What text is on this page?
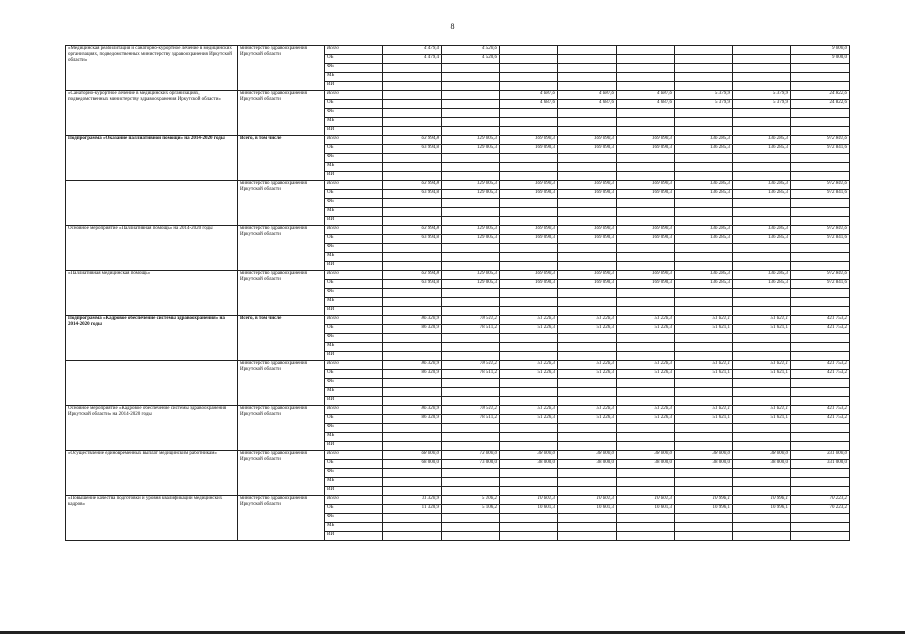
8
«Медицинская реабилитация и санаторно-курортное лечение в медицинских организациях, подведомственных министерству здравоохранения Иркутской области»	министерство здравоохранения Иркутской области	Всего	4 479,4	4 520,6						9 000,0
		ОБ	4 479,4	4 520,6						9 000,0
		ФБ								
		МБ								
		ИИ								
«Санаторно-курортное лечение в медицинских организациях, подведомственных министерству здравоохранения Иркутской области»	министерство здравоохранения Иркутской области	Всего			4 687,6	4 687,6	4 687,6	5 379,9	5 379,9	24 822,6
		ОБ			4 687,6	4 687,6	4 687,6	5 379,9	5 379,9	24 822,6
		ФБ								
		МБ								
		ИИ								
Подпрограмма «Оказание паллиативной помощи» на 2014-2020 годы	Всего, в том числе	Всего	63 994,8	129 005,3	169 090,3	169 090,3	169 090,3	136 285,3	136 285,3	972 841,6
		ОБ	63 994,8	129 005,3	169 090,3	169 090,3	169 090,3	136 285,3	136 285,3	972 841,6
		ФБ								
		МБ								
		ИИ								
	министерство здравоохранения Иркутской области	Всего	63 994,8	129 005,3	169 090,3	169 090,3	169 090,3	136 285,3	136 285,3	972 841,6
		ОБ	63 994,8	129 005,3	169 090,3	169 090,3	169 090,3	136 285,3	136 285,3	972 841,6
		ФБ								
		МБ								
		ИИ								
Основное мероприятие «Паллиативная помощь» на 2014-2020 годы	министерство здравоохранения Иркутской области	Всего	63 994,8	129 005,3	169 090,3	169 090,3	169 090,3	136 285,3	136 285,3	972 841,6
		ОБ	63 994,8	129 005,3	169 090,3	169 090,3	169 090,3	136 285,3	136 285,3	972 841,6
		ФБ								
		МБ								
		ИИ								
«Паллиативная медицинская помощь»	министерство здравоохранения Иркутской области	Всего	63 994,8	129 005,3	169 090,3	169 090,3	169 090,3	136 285,3	136 285,3	972 841,6
		ОБ	63 994,8	129 005,3	169 090,3	169 090,3	169 090,3	136 285,3	136 285,3	972 841,6
		ФБ								
		МБ								
		ИИ								
Подпрограмма «Кадровое обеспечение системы здравоохранения» на 2014-2020 годы	Всего, в том числе	Всего	86 320,9	78 511,2	51 226,3	51 226,3	51 226,3	51 621,1	51 621,1	421 753,2
		ОБ	86 320,9	78 511,2	51 226,3	51 226,3	51 226,3	51 621,1	51 621,1	421 753,2
		ФБ								
		МБ								
		ИИ								
	министерство здравоохранения Иркутской области	Всего	86 320,9	78 511,2	51 226,3	51 226,3	51 226,3	51 621,1	51 621,1	421 753,2
		ОБ	86 320,9	78 511,2	51 226,3	51 226,3	51 226,3	51 621,1	51 621,1	421 753,2
		ФБ								
		МБ								
		ИИ								
Основное мероприятие «Кадровое обеспечение системы здравоохранения Иркутской области» на 2014-2020 годы	министерство здравоохранения Иркутской области	Всего	86 320,9	78 511,2	51 226,3	51 226,3	51 226,3	51 621,1	51 621,1	421 753,2
		ОБ	86 320,9	78 511,2	51 226,3	51 226,3	51 226,3	51 621,1	51 621,1	421 753,2
		ФБ								
		МБ								
		ИИ								
«Осуществление единовременных выплат медицинским работникам»	министерство здравоохранения Иркутской области	Всего	68 000,0	73 000,0	38 000,0	38 000,0	38 000,0	38 000,0	38 000,0	331 000,0
		ОБ	68 000,0	73 000,0	38 000,0	38 000,0	38 000,0	38 000,0	38 000,0	331 000,0
		ФБ								
		МБ								
		ИИ								
«Повышение качества подготовки и уровня квалификации медицинских кадров»	министерство здравоохранения Иркутской области	Всего	11 320,9	5 106,2	10 601,3	10 601,3	10 601,3	10 996,1	10 996,1	70 223,2
		ОБ	11 320,9	5 106,2	10 601,3	10 601,3	10 601,3	10 996,1	10 996,1	70 223,2
		ФБ								
		МБ								
		ИИ								
